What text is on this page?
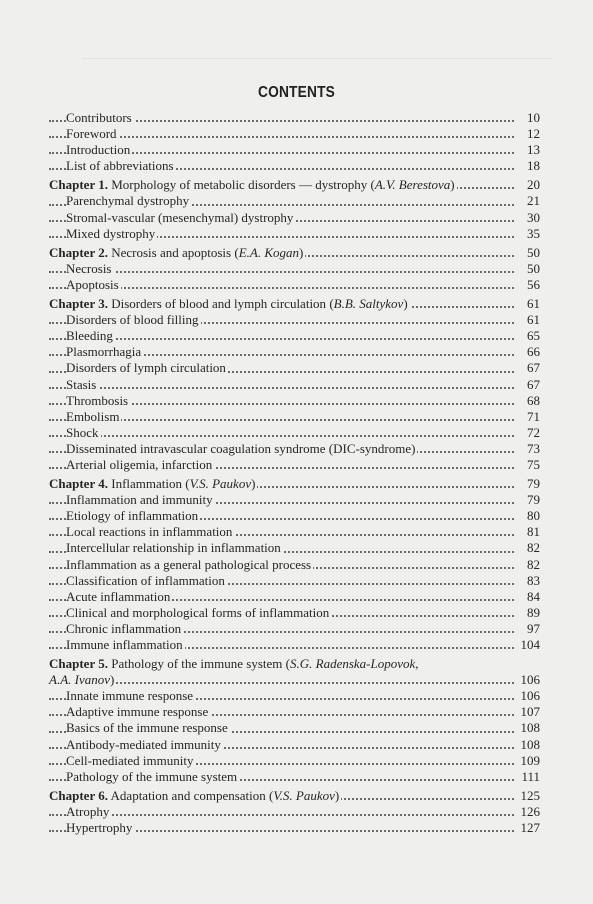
CONTENTS
Contributors	10
Foreword	12
Introduction	13
List of abbreviations	18
Chapter 1. Morphology of metabolic disorders — dystrophy (A.V. Berestova)	20
Parenchymal dystrophy	21
Stromal-vascular (mesenchymal) dystrophy	30
Mixed dystrophy	35
Chapter 2. Necrosis and apoptosis (E.A. Kogan)	50
Necrosis	50
Apoptosis	56
Chapter 3. Disorders of blood and lymph circulation (B.B. Saltykov)	61
Disorders of blood filling	61
Bleeding	65
Plasmorrhagia	66
Disorders of lymph circulation	67
Stasis	67
Thrombosis	68
Embolism	71
Shock	72
Disseminated intravascular coagulation syndrome (DIC-syndrome)	73
Arterial oligemia, infarction	75
Chapter 4. Inflammation (V.S. Paukov)	79
Inflammation and immunity	79
Etiology of inflammation	80
Local reactions in inflammation	81
Intercellular relationship in inflammation	82
Inflammation as a general pathological process	82
Classification of inflammation	83
Acute inflammation	84
Clinical and morphological forms of inflammation	89
Chronic inflammation	97
Immune inflammation	104
Chapter 5. Pathology of the immune system (S.G. Radenska-Lopovok,
A.A. Ivanov)	106
Innate immune response	106
Adaptive immune response	107
Basics of the immune response	108
Antibody-mediated immunity	108
Cell-mediated immunity	109
Pathology of the immune system	111
Chapter 6. Adaptation and compensation (V.S. Paukov)	125
Atrophy	126
Hypertrophy	127
